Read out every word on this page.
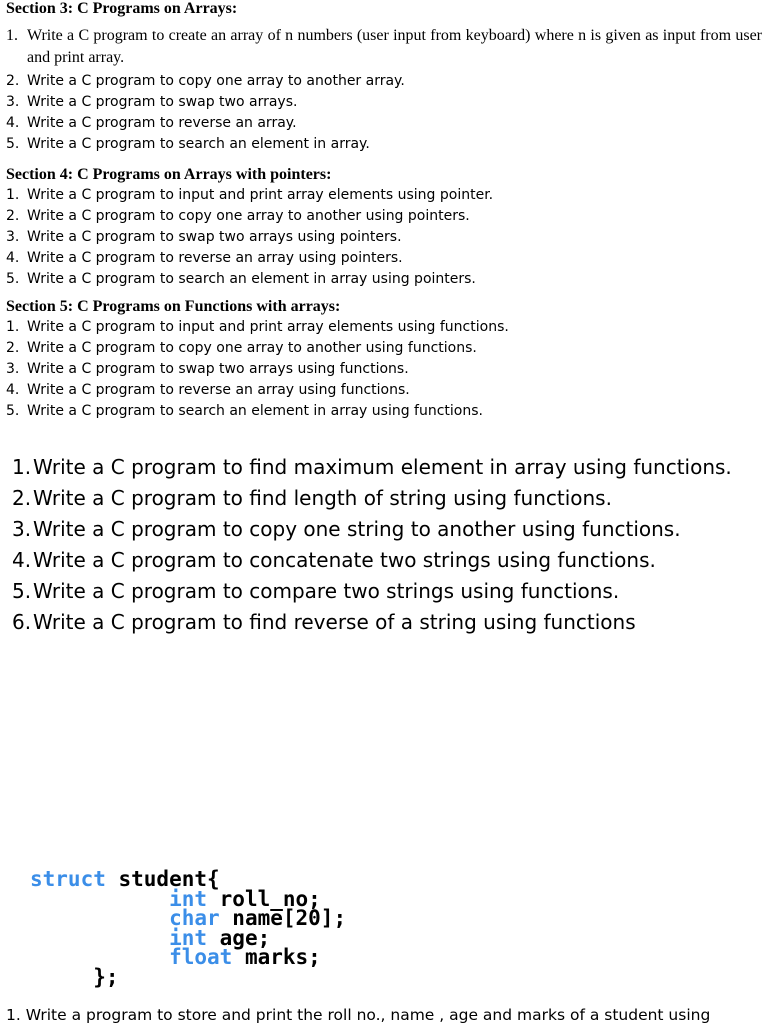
Section 3: C Programs on Arrays:
1. Write a C program to create an array of n numbers (user input from keyboard) where n is given as input from user and print array.
2. Write a C program to copy one array to another array.
3. Write a C program to swap two arrays.
4. Write a C program to reverse an array.
5. Write a C program to search an element in array.
Section 4: C Programs on Arrays with pointers:
1. Write a C program to input and print array elements using pointer.
2. Write a C program to copy one array to another using pointers.
3. Write a C program to swap two arrays using pointers.
4. Write a C program to reverse an array using pointers.
5. Write a C program to search an element in array using pointers.
Section 5: C Programs on Functions with arrays:
1. Write a C program to input and print array elements using functions.
2. Write a C program to copy one array to another using functions.
3. Write a C program to swap two arrays using functions.
4. Write a C program to reverse an array using functions.
5. Write a C program to search an element in array using functions.
1. Write a C program to find maximum element in array using functions.
2. Write a C program to find length of string using functions.
3. Write a C program to copy one string to another using functions.
4. Write a C program to concatenate two strings using functions.
5. Write a C program to compare two strings using functions.
6. Write a C program to find reverse of a string using functions
struct student{
int roll_no;
char name[20];
int age;
float marks;
};
1. Write a program to store and print the roll no., name , age and marks of a student using
